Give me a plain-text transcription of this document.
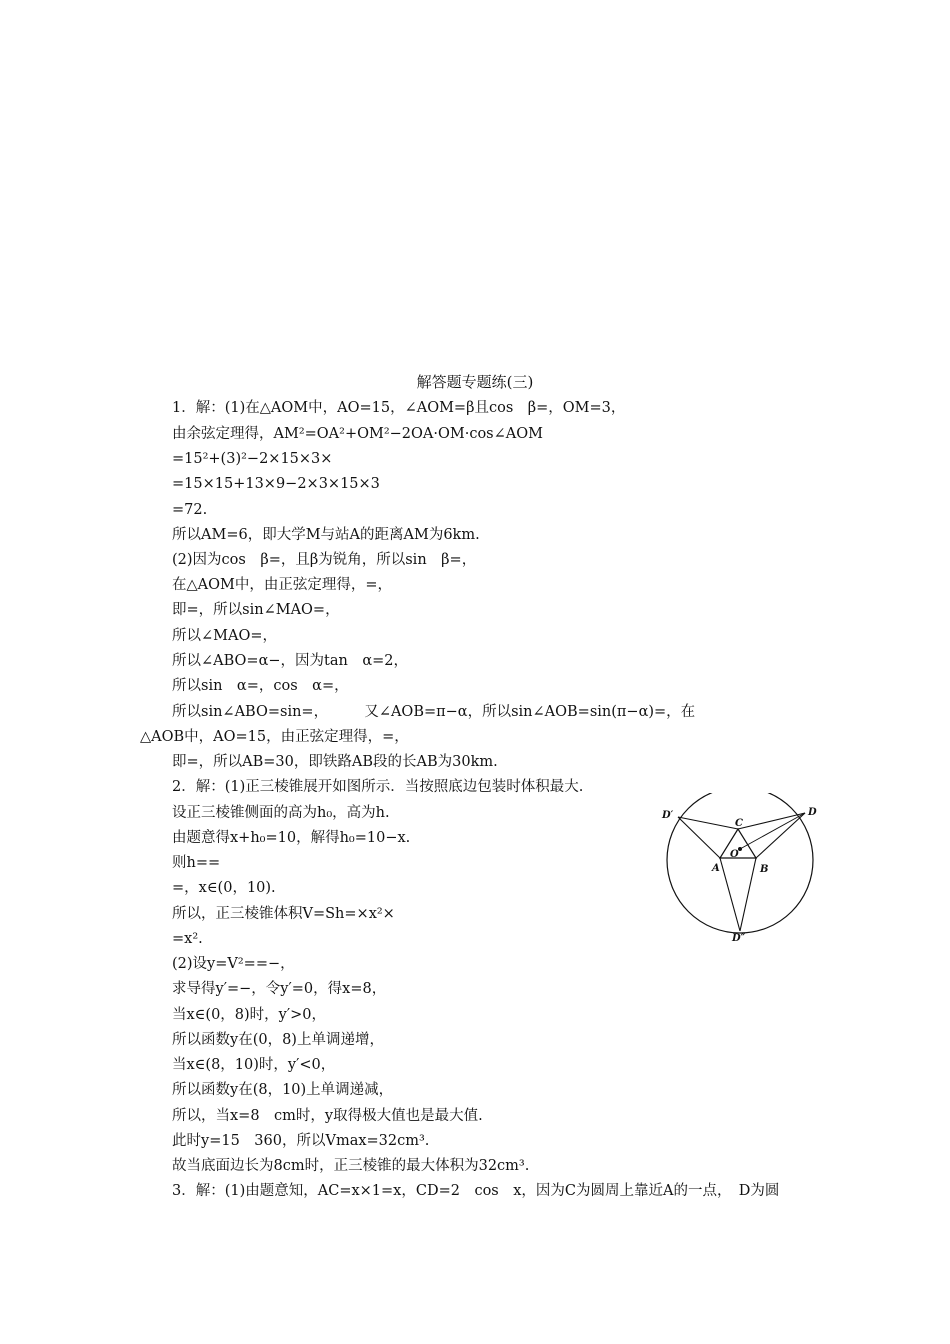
解答题专题练(三)
1．解：(1)在△AOM中，AO=15，∠AOM=β且cos　β=，OM=3，
由余弦定理得，AM²=OA²+OM²−2OA·OM·cos∠AOM
=15²+(3)²−2×15×3×
=15×15+13×9−2×3×15×3
=72.
所以AM=6，即大学M与站A的距离AM为6km.
(2)因为cos　β=，且β为锐角，所以sin　β=，
在△AOM中，由正弦定理得，=，
即=，所以sin∠MAO=，
所以∠MAO=，
所以∠ABO=α−，因为tan　α=2，
所以sin　α=，cos　α=，
所以sin∠ABO=sin=，　　　又∠AOB=π−α，所以sin∠AOB=sin(π−α)=，在
△AOB中，AO=15，由正弦定理得，=，
即=，所以AB=30，即铁路AB段的长AB为30km.
2．解：(1)正三棱锥展开如图所示．当按照底边包装时体积最大.
设正三棱锥侧面的高为h₀，高为h.
由题意得x+h₀=10，解得h₀=10−x.
则h==
=，x∈(0，10).
所以，正三棱锥体积V=Sh=×x²×
=x².
(2)设y=V²==−，
求导得y′=−，令y′=0，得x=8，
当x∈(0，8)时，y′>0，
所以函数y在(0，8)上单调递增，
当x∈(8，10)时，y′<0，
所以函数y在(8，10)上单调递减，
所以，当x=8　cm时，y取得极大值也是最大值.
此时y=15　360，所以Vmax=32cm³.
故当底面边长为8cm时，正三棱锥的最大体积为32cm³.
3．解：(1)由题意知，AC=x×1=x，CD=2　cos　x，因为C为圆周上靠近A的一点，　D为圆
D′	D
C
O
A	B
D″
